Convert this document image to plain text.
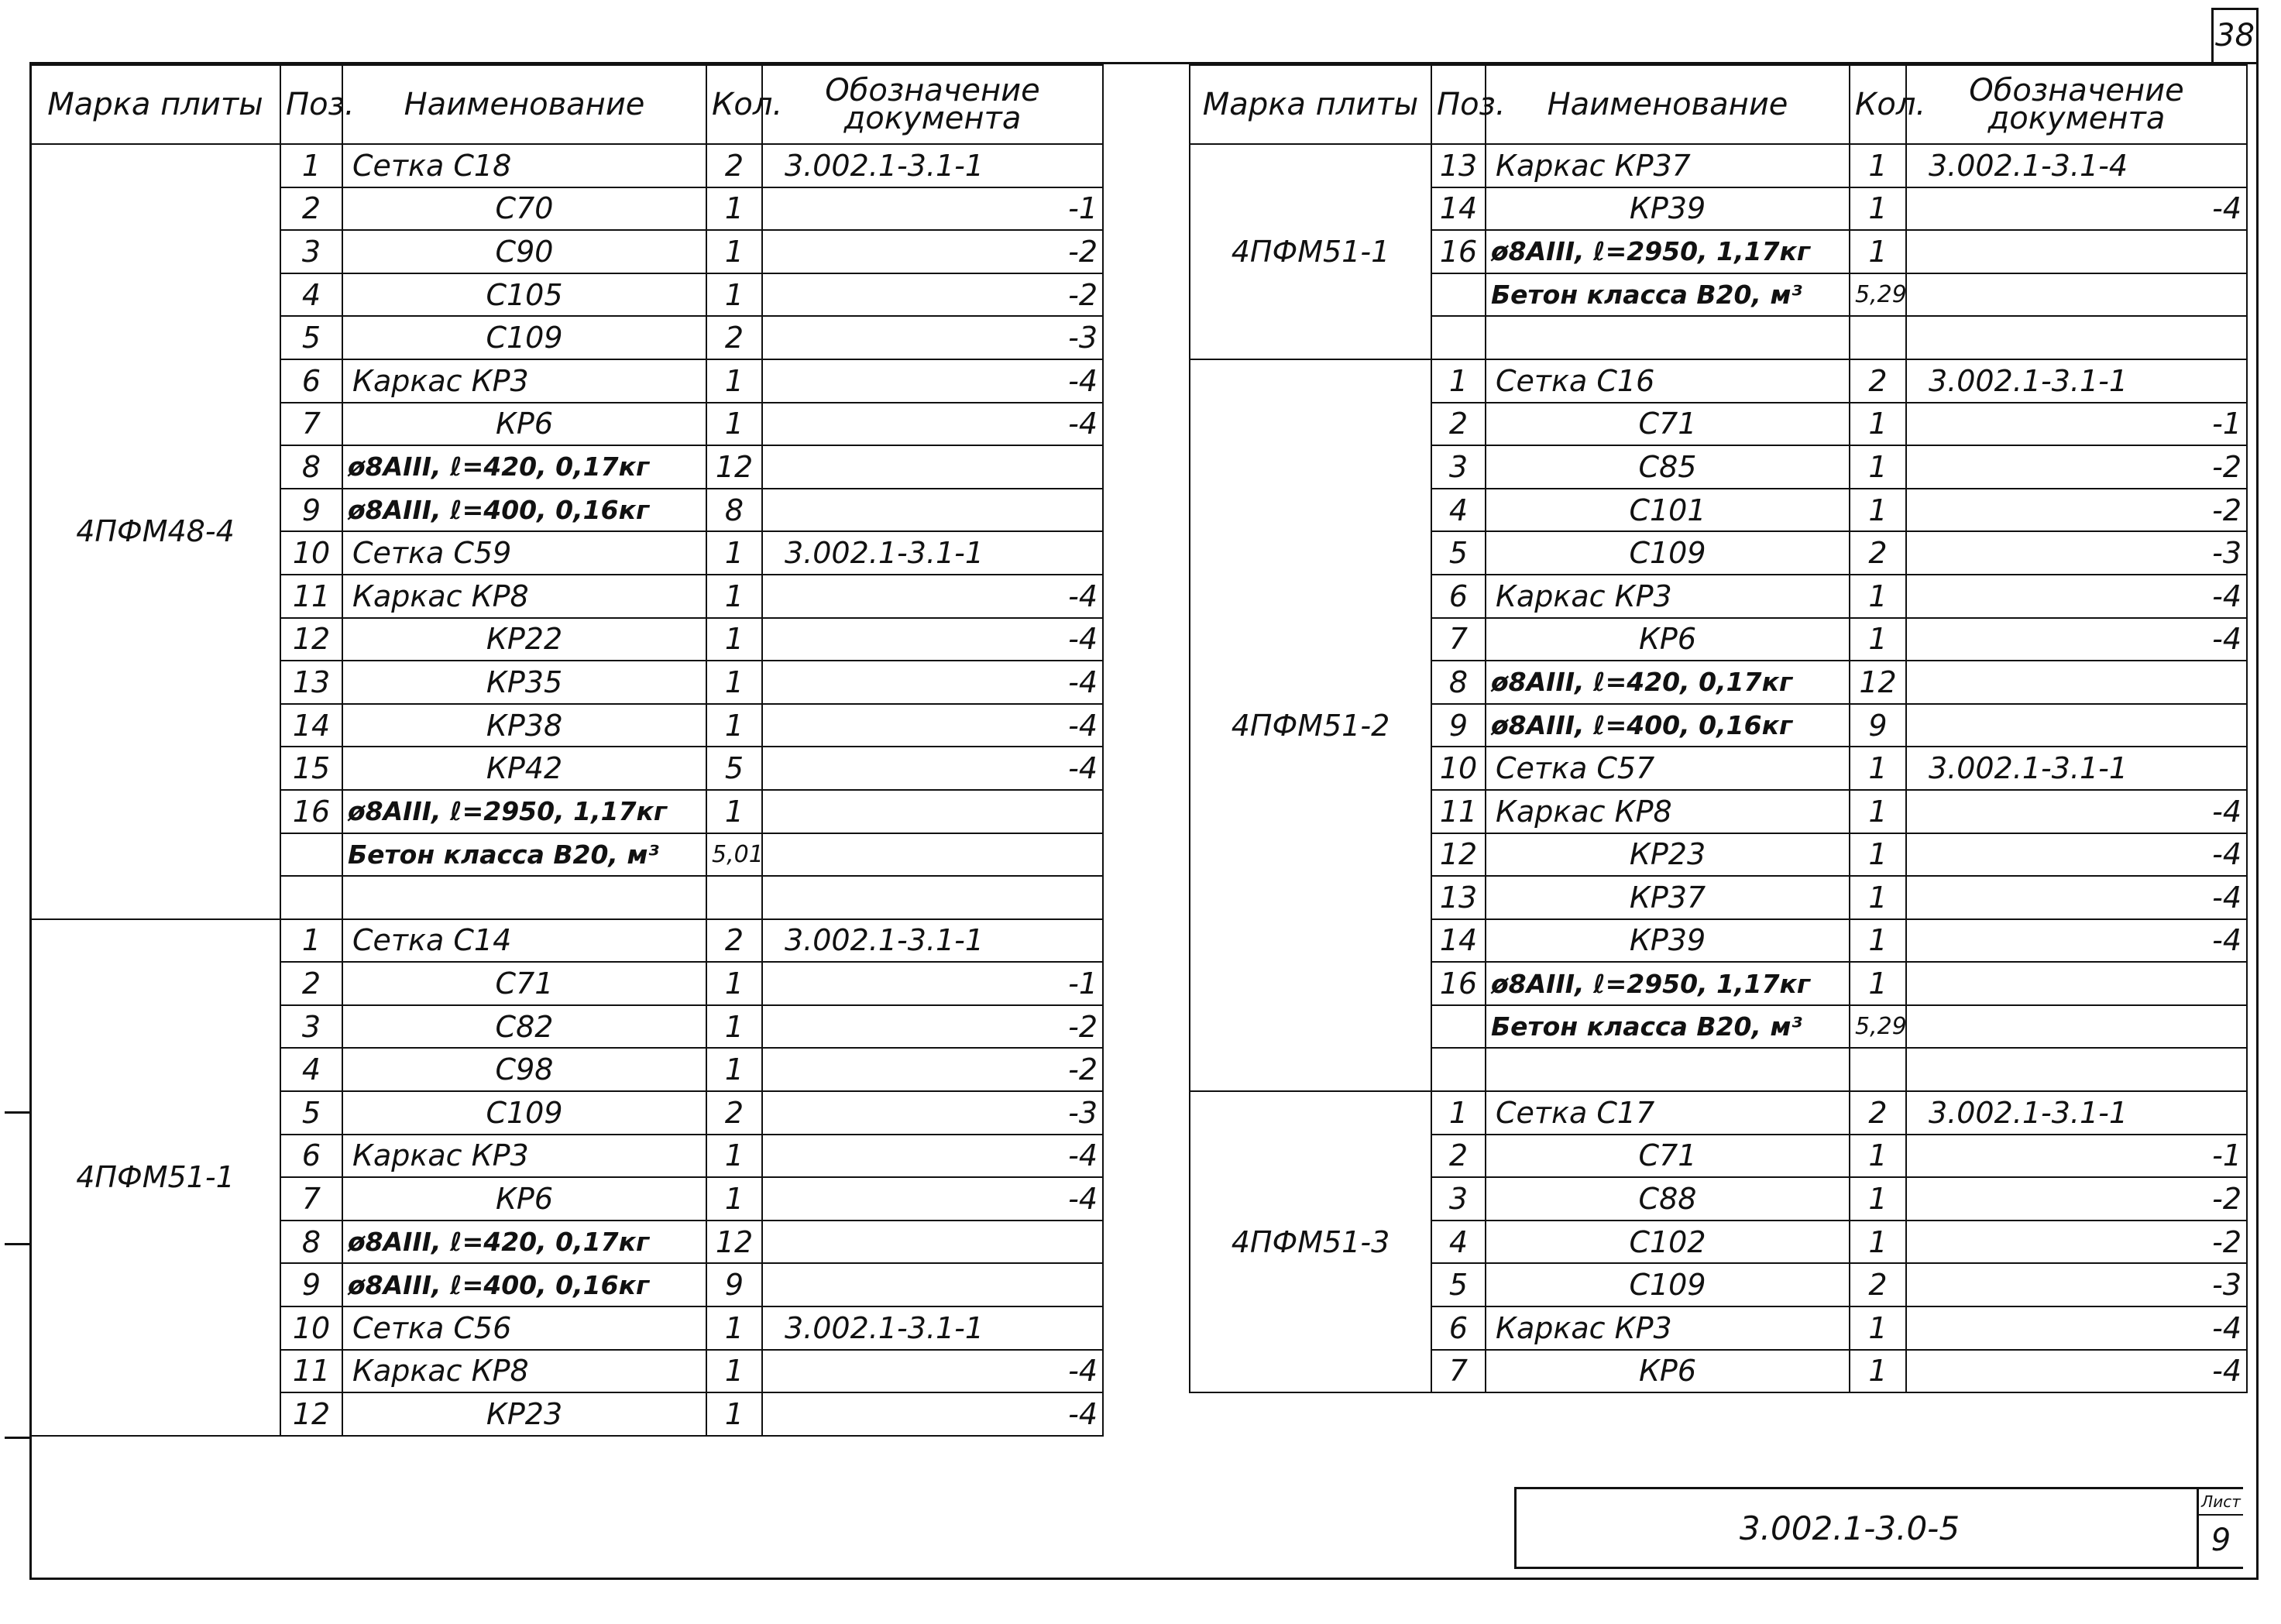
38
Марка плиты	Поз.	Наименование	Кол.	Обозначение документа
4ПФМ48-4	1	Сетка С18	2	3.002.1-3.1-1
	2	С70	1	-1
	3	С90	1	-2
	4	С105	1	-2
	5	С109	2	-3
	6	Каркас КР3	1	-4
	7	КР6	1	-4
	8	ø8АIII, ℓ=420, 0,17кг	12	
	9	ø8АIII, ℓ=400, 0,16кг	8	
	10	Сетка С59	1	3.002.1-3.1-1
	11	Каркас КР8	1	-4
	12	КР22	1	-4
	13	КР35	1	-4
	14	КР38	1	-4
	15	КР42	5	-4
	16	ø8АIII, ℓ=2950, 1,17кг	1	
		Бетон класса В20, м³	5,01	

4ПФМ51-1	1	Сетка С14	2	3.002.1-3.1-1
	2	С71	1	-1
	3	С82	1	-2
	4	С98	1	-2
	5	С109	2	-3
	6	Каркас КР3	1	-4
	7	КР6	1	-4
	8	ø8АIII, ℓ=420, 0,17кг	12	
	9	ø8АIII, ℓ=400, 0,16кг	9	
	10	Сетка С56	1	3.002.1-3.1-1
	11	Каркас КР8	1	-4
	12	КР23	1	-4
Марка плиты	Поз.	Наименование	Кол.	Обозначение документа
4ПФМ51-1	13	Каркас КР37	1	3.002.1-3.1-4
	14	КР39	1	-4
	16	ø8АIII, ℓ=2950, 1,17кг	1	
		Бетон класса В20, м³	5,29	

4ПФМ51-2	1	Сетка С16	2	3.002.1-3.1-1
	2	С71	1	-1
	3	С85	1	-2
	4	С101	1	-2
	5	С109	2	-3
	6	Каркас КР3	1	-4
	7	КР6	1	-4
	8	ø8АIII, ℓ=420, 0,17кг	12	
	9	ø8АIII, ℓ=400, 0,16кг	9	
	10	Сетка С57	1	3.002.1-3.1-1
	11	Каркас КР8	1	-4
	12	КР23	1	-4
	13	КР37	1	-4
	14	КР39	1	-4
	16	ø8АIII, ℓ=2950, 1,17кг	1	
		Бетон класса В20, м³	5,29	

4ПФМ51-3	1	Сетка С17	2	3.002.1-3.1-1
	2	С71	1	-1
	3	С88	1	-2
	4	С102	1	-2
	5	С109	2	-3
	6	Каркас КР3	1	-4
	7	КР6	1	-4
3.002.1-3.0-5
Лист
9
